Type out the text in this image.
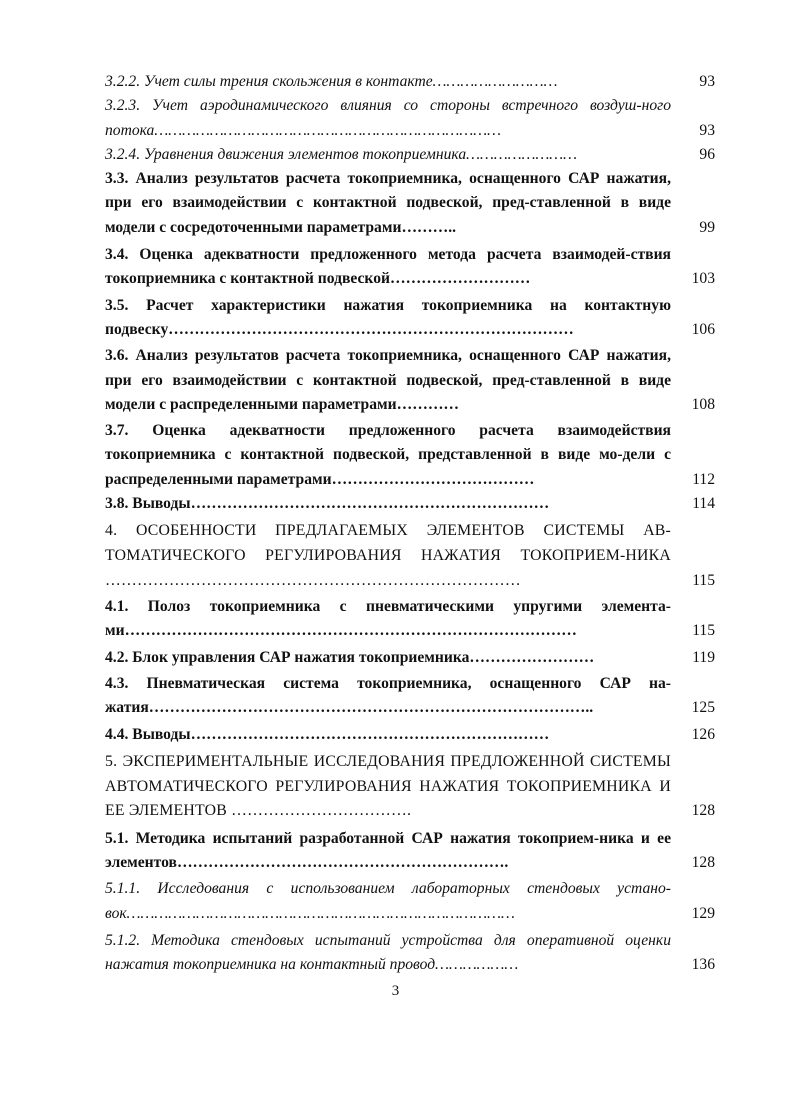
3.2.2. Учет силы трения скольжения в контакте………………………	93
3.2.3. Учет аэродинамического влияния со стороны встречного воздуш-ного потока…………………………………………………………………	93
3.2.4. Уравнения движения элементов токоприемника……………………	96
3.3. Анализ результатов расчета токоприемника, оснащенного САР нажатия, при его взаимодействии с контактной подвеской, пред-ставленной в виде модели с сосредоточенными параметрами………..	99
3.4. Оценка адекватности предложенного метода расчета взаимодей-ствия токоприемника с контактной подвеской………………………	103
3.5. Расчет характеристики нажатия токоприемника на контактную подвеску……………………………………………………………………	106
3.6. Анализ результатов расчета токоприемника, оснащенного САР нажатия, при его взаимодействии с контактной подвеской, пред-ставленной в виде модели с распределенными параметрами…………	108
3.7. Оценка адекватности предложенного расчета взаимодействия токоприемника с контактной подвеской, представленной в виде мо-дели с распределенными параметрами…………………………………	112
3.8. Выводы……………………………………………………………	114
4. ОСОБЕННОСТИ ПРЕДЛАГАЕМЫХ ЭЛЕМЕНТОВ СИСТЕМЫ АВ-ТОМАТИЧЕСКОГО РЕГУЛИРОВАНИЯ НАЖАТИЯ ТОКОПРИЕМ-НИКА ……………………………………………………………………	115
4.1. Полоз токоприемника с пневматическими упругими элемента-ми……………………………………………………………………………	115
4.2. Блок управления САР нажатия токоприемника……………………	119
4.3. Пневматическая система токоприемника, оснащенного САР на-жатия…………………………………………………………………………..	125
4.4. Выводы……………………………………………………………	126
5. ЭКСПЕРИМЕНТАЛЬНЫЕ ИССЛЕДОВАНИЯ ПРЕДЛОЖЕННОЙ СИСТЕМЫ АВТОМАТИЧЕСКОГО РЕГУЛИРОВАНИЯ НАЖАТИЯ ТОКОПРИЕМНИКА И ЕЕ ЭЛЕМЕНТОВ …………………………….	128
5.1. Методика испытаний разработанной САР нажатия токоприем-ника и ее элементов……………………………………………………….	128
5.1.1. Исследования с использованием лабораторных стендовых устано-вок…………………………………………………………………………	129
5.1.2. Методика стендовых испытаний устройства для оперативной оценки нажатия токоприемника на контактный провод………………	136
3
